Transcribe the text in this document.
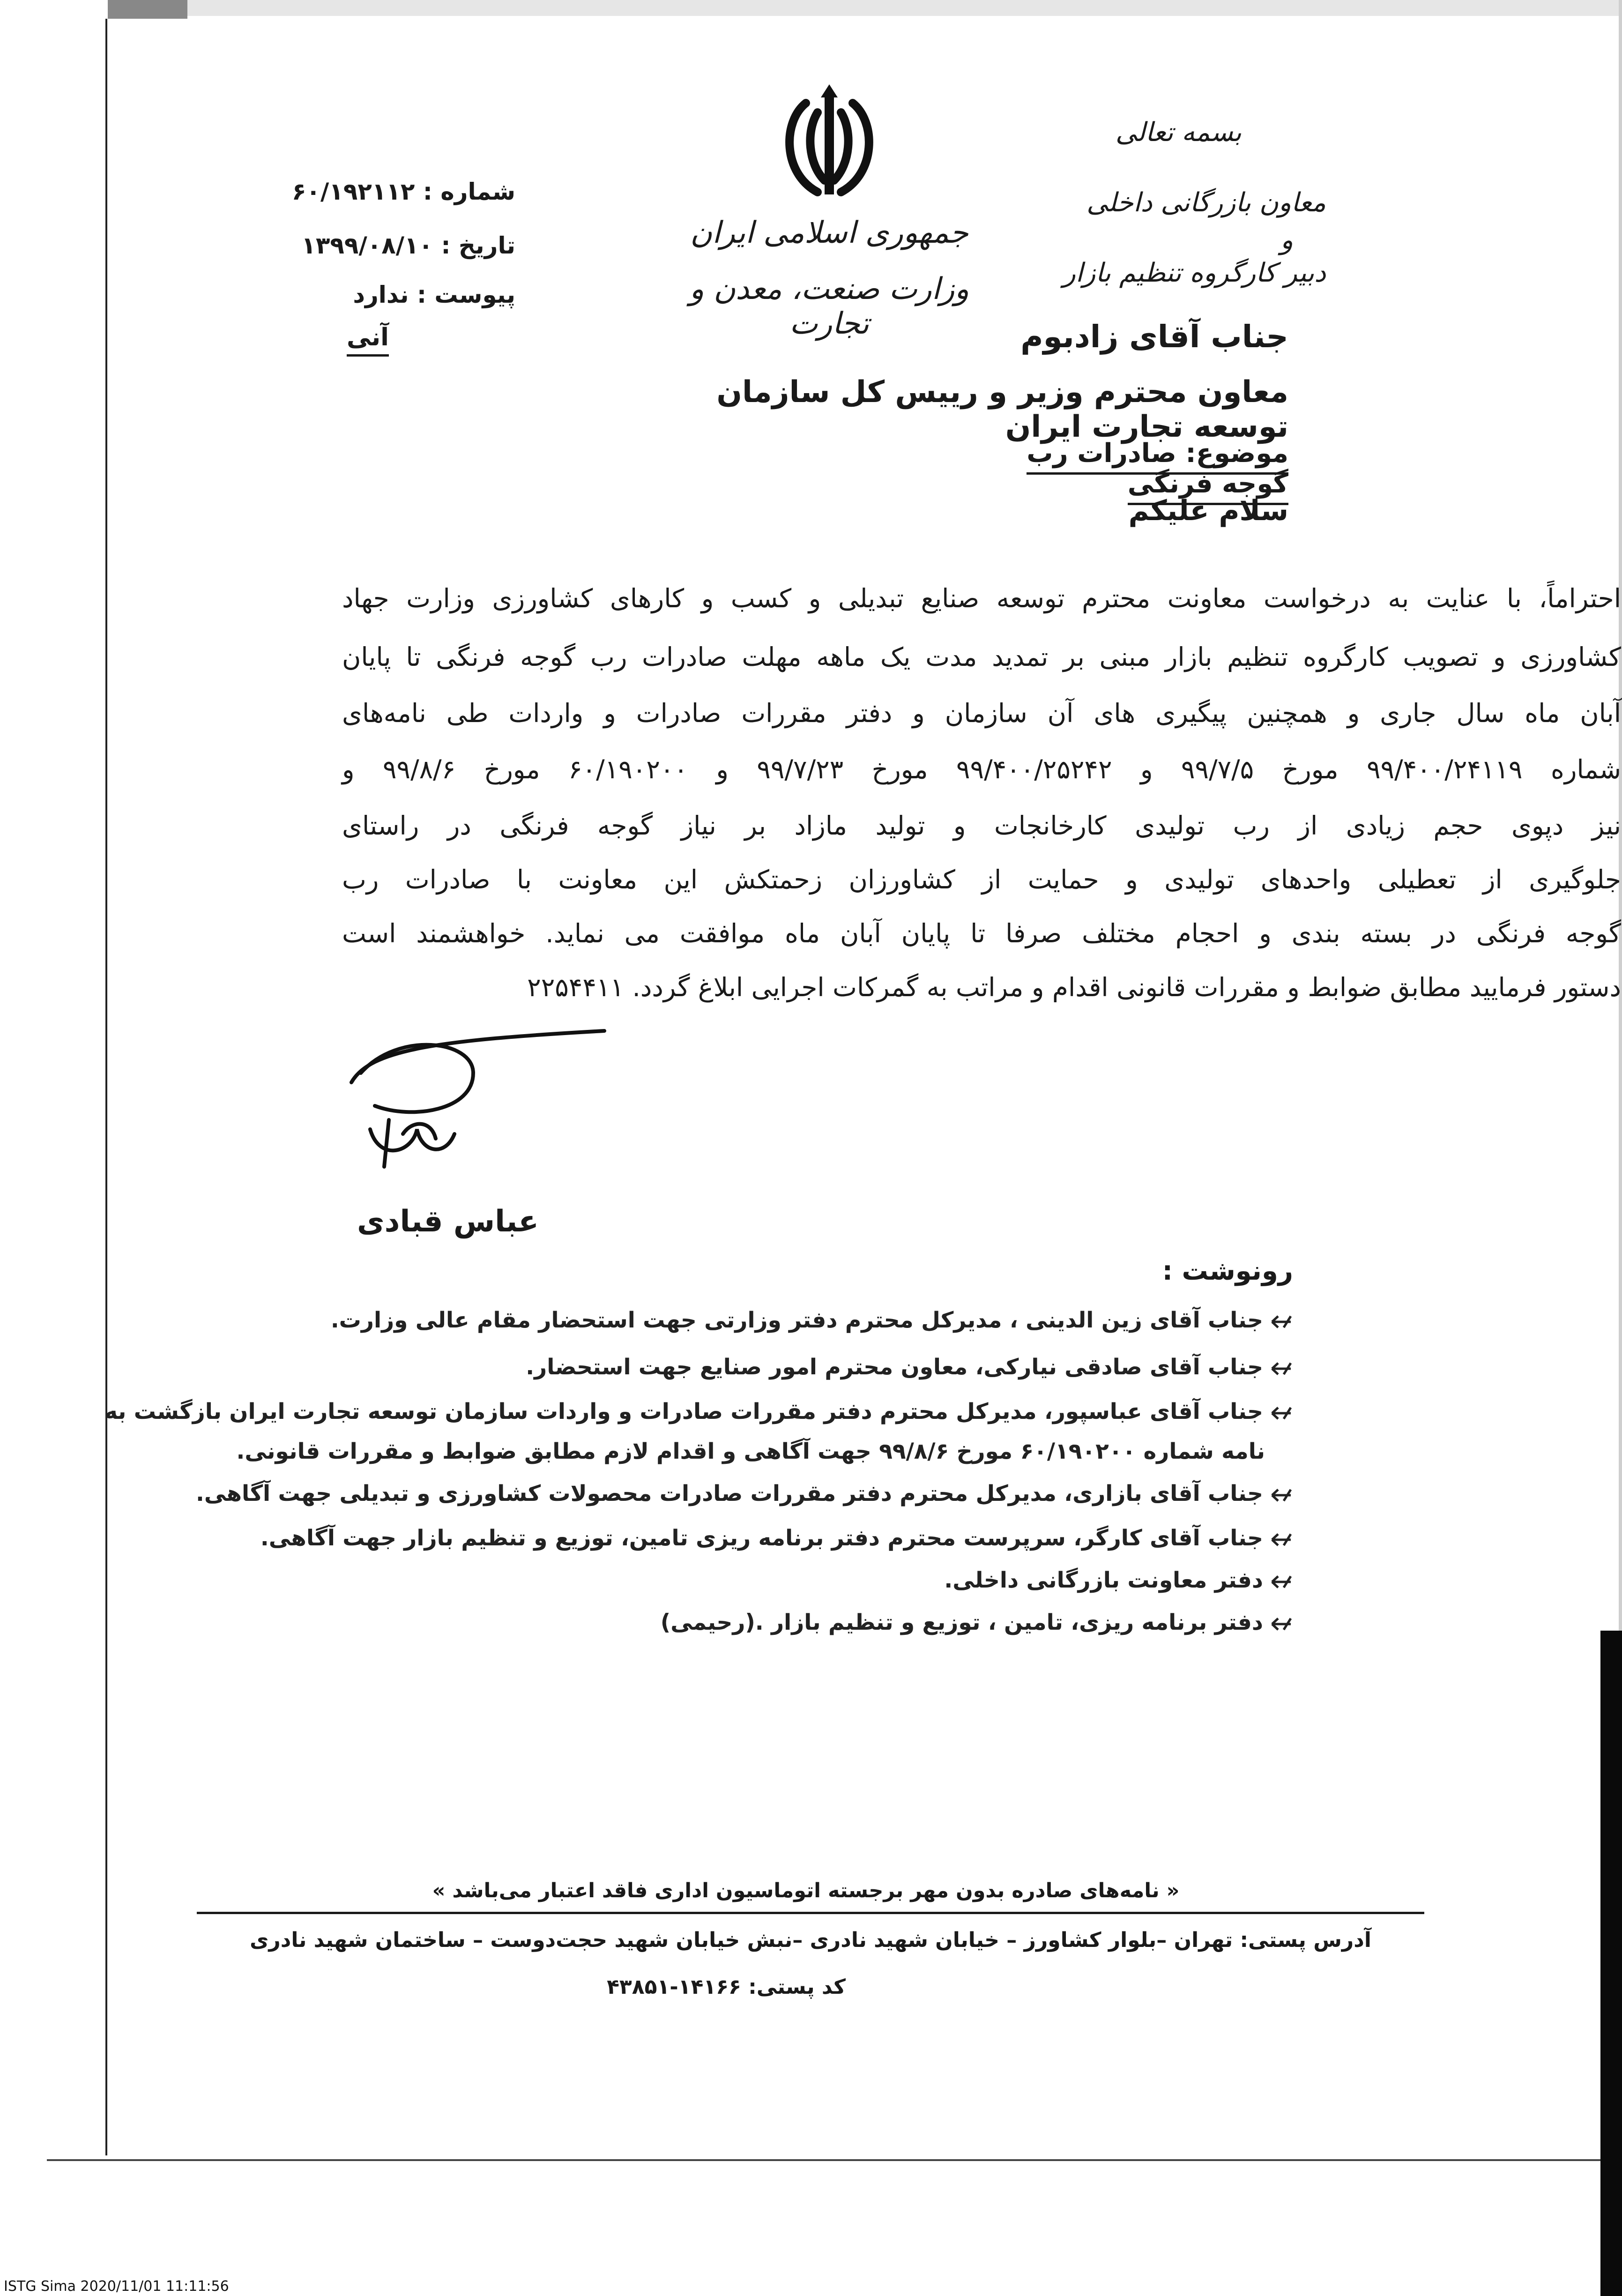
شماره : ۶۰/۱۹۲۱۱۲
تاریخ : ۱۳۹۹/۰۸/۱۰
پیوست : ندارد
آنی
جمهوری اسلامی ایران
وزارت صنعت، معدن و تجارت
بسمه تعالی
معاون بازرگانی داخلی
و
دبیر کارگروه تنظیم بازار
جناب آقای زادبوم
معاون محترم وزیر و رییس کل سازمان توسعه تجارت ایران
موضوع: صادرات رب گوجه فرنگی
سلام علیکم
احتراماً، با عنایت به درخواست معاونت محترم توسعه صنایع تبدیلی و کسب و کارهای کشاورزی وزارت جهاد
کشاورزی و تصویب کارگروه تنظیم بازار مبنی بر تمدید مدت یک ماهه مهلت صادرات رب گوجه فرنگی تا پایان
آبان ماه سال جاری و همچنین پیگیری های آن سازمان و دفتر مقررات صادرات و واردات طی نامه‌های
شماره ۹۹/۴۰۰/۲۴۱۱۹ مورخ ۹۹/۷/۵ و ۹۹/۴۰۰/۲۵۲۴۲ مورخ ۹۹/۷/۲۳ و ۶۰/۱۹۰۲۰۰ مورخ ۹۹/۸/۶ و
نیز دپوی حجم زیادی از رب تولیدی کارخانجات و تولید مازاد بر نیاز گوجه فرنگی در راستای
جلوگیری از تعطیلی واحدهای تولیدی و حمایت از کشاورزان زحمتکش این معاونت با صادرات رب
گوجه فرنگی در بسته بندی و احجام مختلف صرفا تا پایان آبان ماه موافقت می نماید. خواهشمند است
دستور فرمایید مطابق ضوابط و مقررات قانونی اقدام و مراتب به گمرکات اجرایی ابلاغ گردد. ۲۲۵۴۴۱۱
عباس قبادی
رونوشت :
جناب آقای زین الدینی ، مدیرکل محترم دفتر وزارتی جهت استحضار مقام عالی وزارت.
جناب آقای صادقی نیارکی، معاون محترم امور صنایع جهت استحضار.
جناب آقای عباسپور، مدیرکل محترم دفتر مقررات صادرات و واردات سازمان توسعه تجارت ایران بازگشت به
نامه شماره ۶۰/۱۹۰۲۰۰ مورخ ۹۹/۸/۶ جهت آگاهی و اقدام لازم مطابق ضوابط و مقررات قانونی.
جناب آقای بازاری، مدیرکل محترم دفتر مقررات صادرات محصولات کشاورزی و تبدیلی جهت آگاهی.
جناب آقای کارگر، سرپرست محترم دفتر برنامه ریزی تامین، توزیع و تنظیم بازار جهت آگاهی.
دفتر معاونت بازرگانی داخلی.
دفتر برنامه ریزی، تامین ، توزیع و تنظیم بازار .(رحیمی)
« نامه‌های صادره بدون مهر برجسته اتوماسیون اداری فاقد اعتبار می‌باشد »
آدرس پستی: تهران –بلوار کشاورز – خیابان شهید نادری –نبش خیابان شهید حجت‌دوست – ساختمان شهید نادری
کد پستی: ۱۴۱۶۶-۴۳۸۵۱
ISTG Sima 2020/11/01 11:11:56
